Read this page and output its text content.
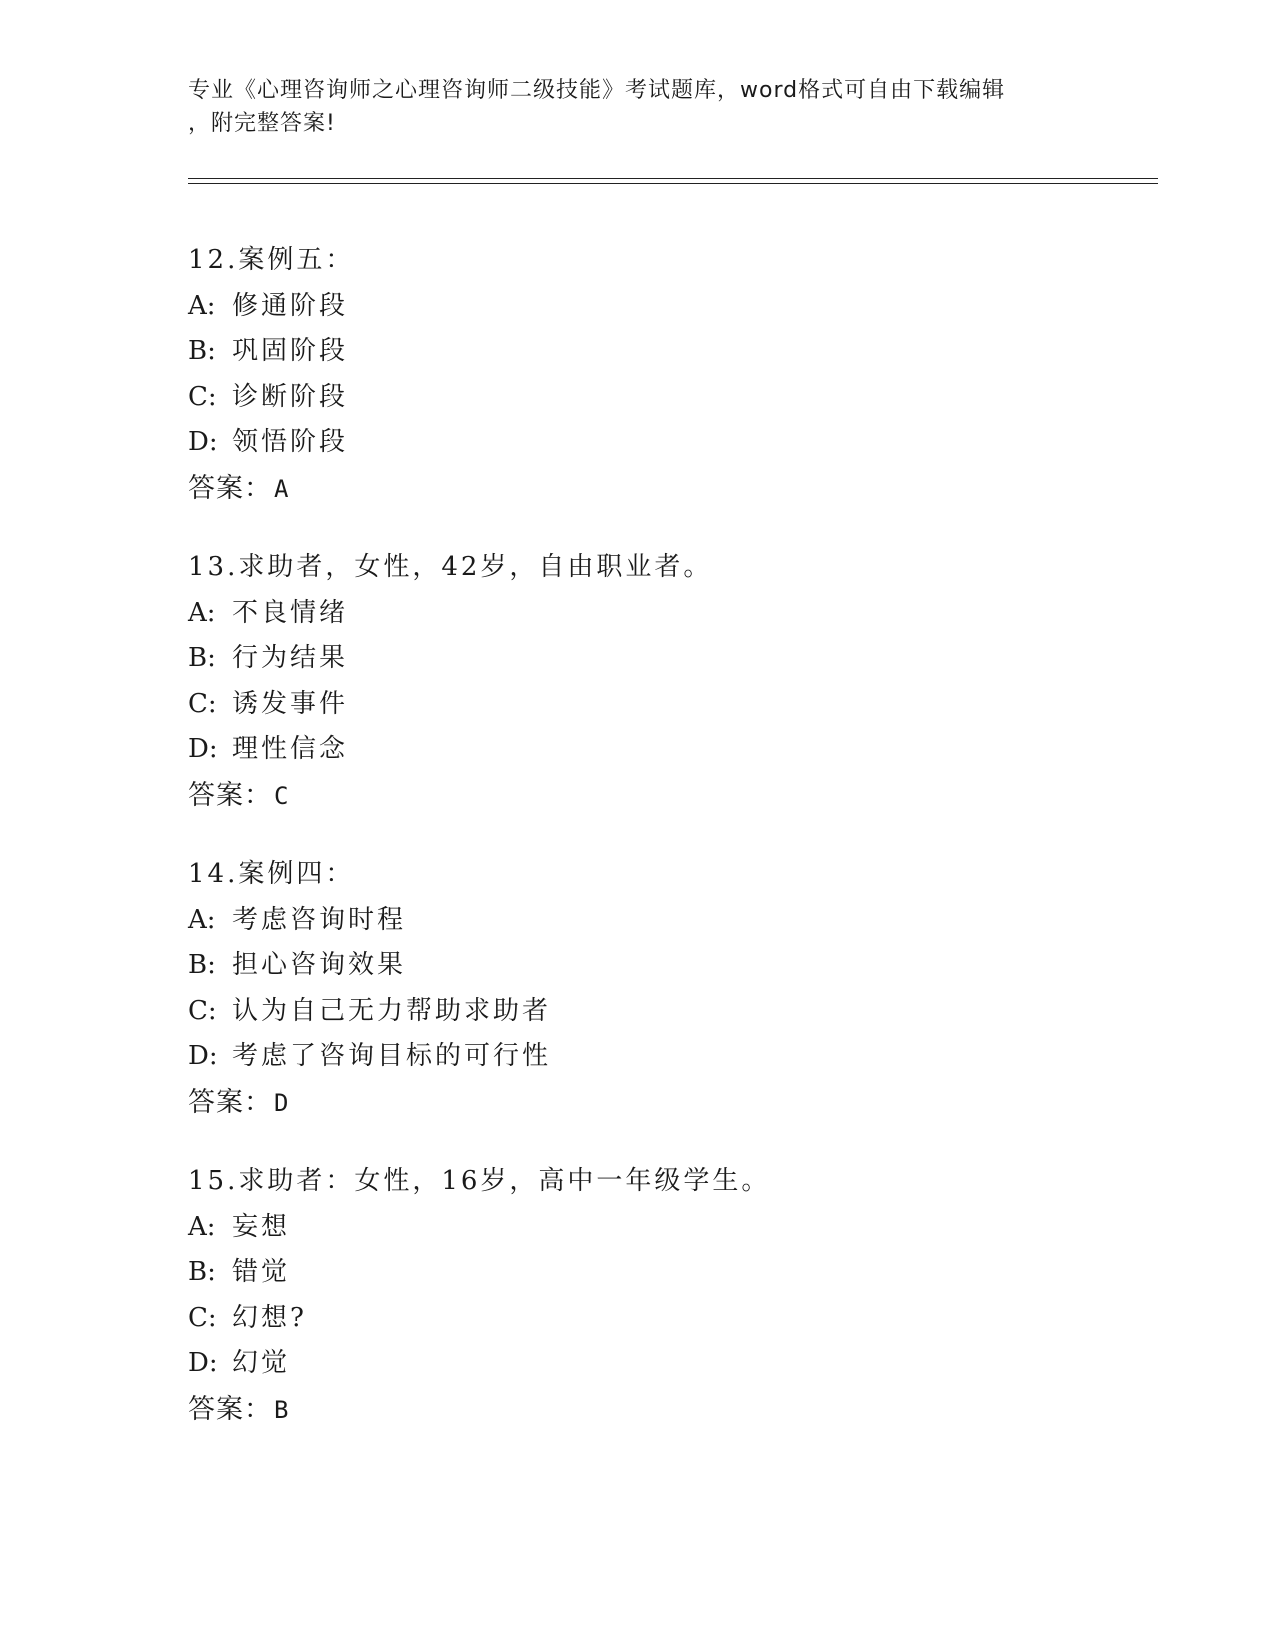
专业《心理咨询师之心理咨询师二级技能》考试题库，word格式可自由下载编辑
，附完整答案!
12.案例五：
A: 修通阶段
B: 巩固阶段
C: 诊断阶段
D: 领悟阶段
答案：A
13.求助者，女性，42岁，自由职业者。
A: 不良情绪
B: 行为结果
C: 诱发事件
D: 理性信念
答案：C
14.案例四：
A: 考虑咨询时程
B: 担心咨询效果
C: 认为自己无力帮助求助者
D: 考虑了咨询目标的可行性
答案：D
15.求助者：女性，16岁，高中一年级学生。
A: 妄想
B: 错觉
C: 幻想?
D: 幻觉
答案：B
